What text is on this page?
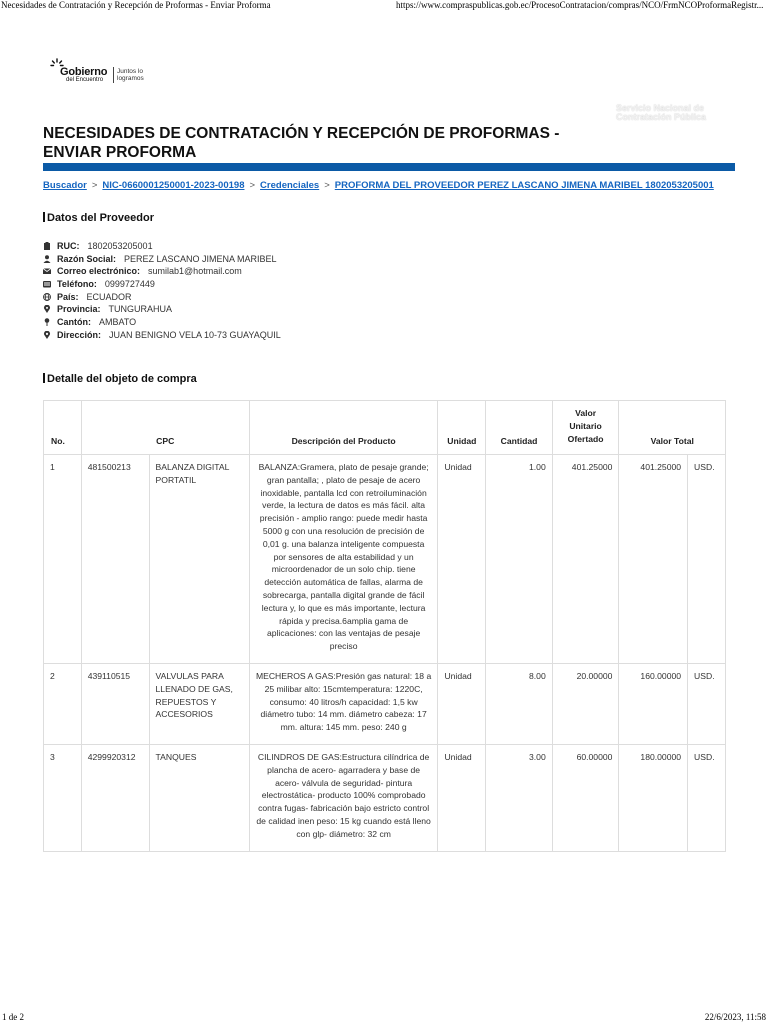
Necesidades de Contratación y Recepción de Proformas - Enviar Proforma	https://www.compraspublicas.gob.ec/ProcesoContratacion/compras/NCO/FrmNCOProformaRegistr...
Gobierno
del Encuentro
Juntos lo logramos
Servicio Nacional de Contratación Pública
NECESIDADES DE CONTRATACIÓN Y RECEPCIÓN DE PROFORMAS - ENVIAR PROFORMA
Buscador > NIC-0660001250001-2023-00198 > Credenciales > PROFORMA DEL PROVEEDOR PEREZ LASCANO JIMENA MARIBEL 1802053205001
Datos del Proveedor
RUC: 1802053205001
Razón Social: PEREZ LASCANO JIMENA MARIBEL
Correo electrónico: sumilab1@hotmail.com
Teléfono: 0999727449
País: ECUADOR
Provincia: TUNGURAHUA
Cantón: AMBATO
Dirección: JUAN BENIGNO VELA 10-73 GUAYAQUIL
Detalle del objeto de compra
No.	CPC		Descripción del Producto	Unidad	Cantidad	Valor Unitario Ofertado	Valor Total	
1	481500213	BALANZA DIGITAL PORTATIL	BALANZA:Gramera, plato de pesaje grande; gran pantalla; , plato de pesaje de acero inoxidable, pantalla lcd con retroiluminación verde, la lectura de datos es más fácil. alta precisión - amplio rango: puede medir hasta 5000 g con una resolución de precisión de 0,01 g. una balanza inteligente compuesta por sensores de alta estabilidad y un microordenador de un solo chip. tiene detección automática de fallas, alarma de sobrecarga, pantalla digital grande de fácil lectura y, lo que es más importante, lectura rápida y precisa.6amplia gama de aplicaciones: con las ventajas de pesaje preciso	Unidad	1.00	401.25000	401.25000	USD.
2	439110515	VALVULAS PARA LLENADO DE GAS, REPUESTOS Y ACCESORIOS	MECHEROS A GAS:Presión gas natural: 18 a 25 milibar alto: 15cmtemperatura: 1220C, consumo: 40 litros/h capacidad: 1,5 kw diámetro tubo: 14 mm. diámetro cabeza: 17 mm. altura: 145 mm. peso: 240 g	Unidad	8.00	20.00000	160.00000	USD.
3	4299920312	TANQUES	CILINDROS DE GAS:Estructura cilíndrica de plancha de acero- agarradera y base de acero- válvula de seguridad- pintura electrostática- producto 100% comprobado contra fugas- fabricación bajo estricto control de calidad inen peso: 15 kg cuando está lleno con glp- diámetro: 32 cm	Unidad	3.00	60.00000	180.00000	USD.
1 de 2	22/6/2023, 11:58
